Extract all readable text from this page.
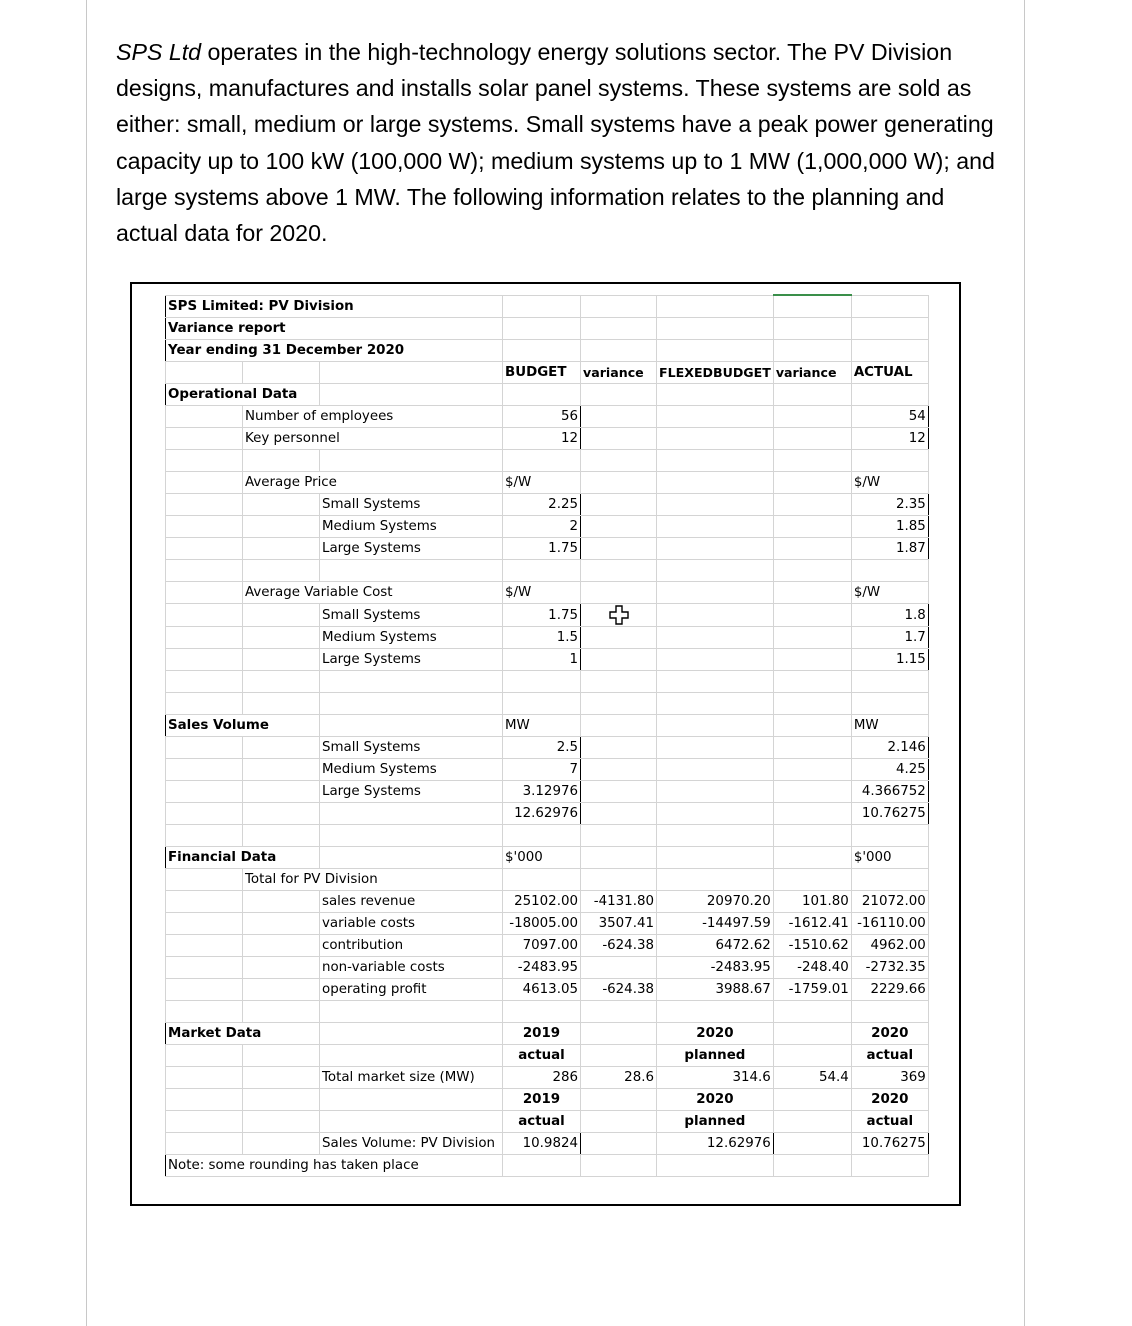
SPS Ltd operates in the high-technology energy solutions sector. The PV Division designs, manufactures and installs solar panel systems. These systems are sold as either: small, medium or large systems. Small systems have a peak power generating capacity up to 100 kW (100,000 W); medium systems up to 1 MW (1,000,000 W); and large systems above 1 MW. The following information relates to the planning and actual data for 2020.

SPS Limited: PV Division							
Variance report							
Year ending 31 December 2020							
			BUDGET	variance	FLEXEDBUDGET	variance	ACTUAL
Operational Data							
	Number of employees		56				54
	Key personnel		12				12

	Average Price		$/W				$/W
		Small Systems	2.25				2.35
		Medium Systems	2				1.85
		Large Systems	1.75				1.87

	Average Variable Cost		$/W				$/W
		Small Systems	1.75				1.8
		Medium Systems	1.5				1.7
		Large Systems	1				1.15

Sales Volume			MW				MW
		Small Systems	2.5				2.146
		Medium Systems	7				4.25
		Large Systems	3.12976				4.366752
			12.62976				10.76275

Financial Data			$'000				$'000
	Total for PV Division						
		sales revenue	25102.00	-4131.80	20970.20	101.80	21072.00
		variable costs	-18005.00	3507.41	-14497.59	-1612.41	-16110.00
		contribution	7097.00	-624.38	6472.62	-1510.62	4962.00
		non-variable costs	-2483.95		-2483.95	-248.40	-2732.35
		operating profit	4613.05	-624.38	3988.67	-1759.01	2229.66

Market Data			2019		2020		2020
			actual		planned		actual
		Total market size (MW)	286	28.6	314.6	54.4	369
			2019		2020		2020
			actual		planned		actual
		Sales Volume: PV Division	10.9824		12.62976		10.76275
Note: some rounding has taken place							
